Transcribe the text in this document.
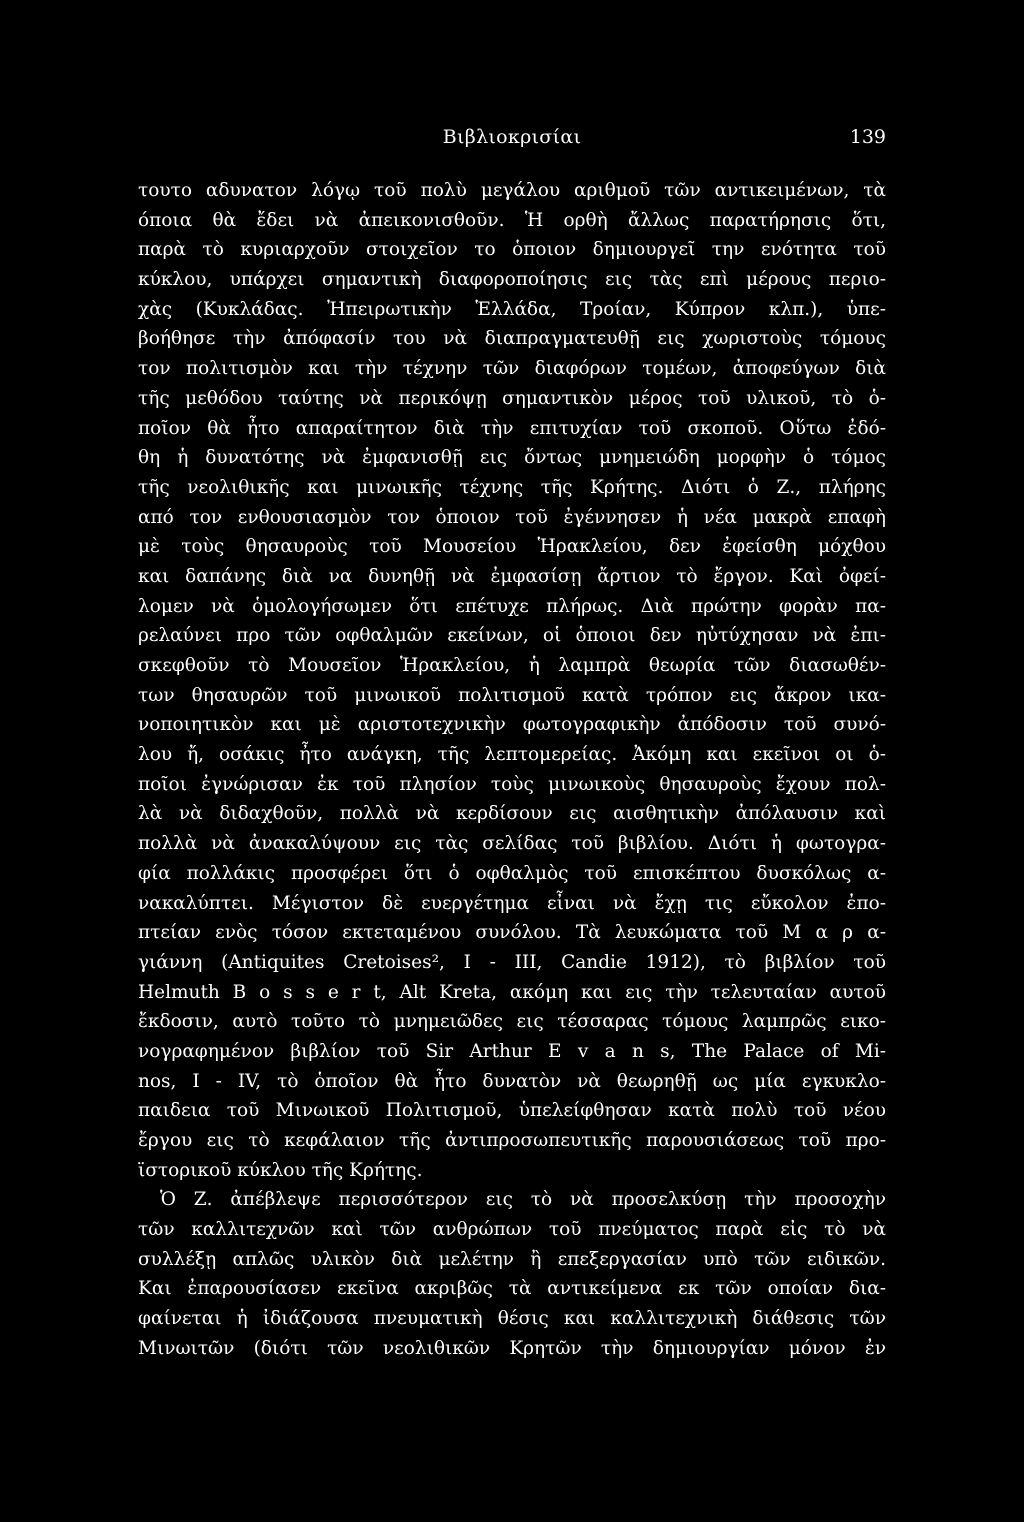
Βιβλιοκρισίαι	139
τουτο αδυνατον λόγῳ τοῦ πολὺ μεγάλου αριθμοῦ τῶν αντικειμένων, τὰ
όποια θὰ ἔδει νὰ ἀπεικονισθοῦν. Ἡ ορθὴ ἄλλως παρατήρησις ὅτι,
παρὰ τὸ κυριαρχοῦν στοιχεῖον το ὁποιον δημιουργεῖ την ενότητα τοῦ
κύκλου, υπάρχει σημαντικὴ διαφοροποίησις εις τὰς επὶ μέρους περιο-
χὰς (Κυκλάδας. Ἠπειρωτικὴν Ἑλλάδα, Τροίαν, Κύπρον κλπ.), ὑπε-
βοήθησε τὴν ἀπόφασίν του νὰ διαπραγματευθῇ εις χωριστοὺς τόμους
τον πολιτισμὸν και τὴν τέχνην τῶν διαφόρων τομέων, ἀποφεύγων διὰ
τῆς μεθόδου ταύτης νὰ περικόψῃ σημαντικὸν μέρος τοῦ υλικοῦ, τὸ ὁ-
ποῖον θὰ ἦτο απαραίτητον διὰ τὴν επιτυχίαν τοῦ σκοποῦ. Οὕτω ἐδό-
θη ἡ δυνατότης νὰ ἐμφανισθῇ εις ὄντως μνημειώδη μορφὴν ὁ τόμος
τῆς νεολιθικῆς και μινωικῆς τέχνης τῆς Κρήτης. Διότι ὁ Ζ., πλήρης
από τον ενθουσιασμὸν τον ὁποιον τοῦ ἐγέννησεν ἡ νέα μακρὰ επαφὴ
μὲ τοὺς θησαυροὺς τοῦ Μουσείου Ἡρακλείου, δεν ἐφείσθη μόχθου
και δαπάνης διὰ να δυνηθῇ νὰ ἐμφασίσῃ ἄρτιον τὸ ἔργον. Καὶ ὀφεί-
λομεν νὰ ὁμολογήσωμεν ὅτι επέτυχε πλήρως. Διὰ πρώτην φορὰν πα-
ρελαύνει προ τῶν οφθαλμῶν εκείνων, οἱ ὁποιοι δεν ηὐτύχησαν νὰ ἐπι-
σκεφθοῦν τὸ Μουσεῖον Ἡρακλείου, ἡ λαμπρὰ θεωρία τῶν διασωθέν-
των θησαυρῶν τοῦ μινωικοῦ πολιτισμοῦ κατὰ τρόπον εις ἄκρον ικα-
νοποιητικὸν και μὲ αριστοτεχνικὴν φωτογραφικὴν ἀπόδοσιν τοῦ συνό-
λου ἤ, οσάκις ἦτο ανάγκη, τῆς λεπτομερείας. Ἀκόμη και εκεῖνοι οι ὁ-
ποῖοι ἐγνώρισαν ἐκ τοῦ πλησίον τοὺς μινωικοὺς θησαυροὺς ἔχουν πολ-
λὰ νὰ διδαχθοῦν, πολλὰ νὰ κερδίσουν εις αισθητικὴν ἀπόλαυσιν καὶ
πολλὰ νὰ ἀνακαλύψουν εις τὰς σελίδας τοῦ βιβλίου. Διότι ἡ φωτογρα-
φία πολλάκις προσφέρει ὅτι ὁ οφθαλμὸς τοῦ επισκέπτου δυσκόλως α-
νακαλύπτει. Μέγιστον δὲ ευεργέτημα εἶναι νὰ ἔχῃ τις εὔκολον ἐπο-
πτείαν ενὸς τόσον εκτεταμένου συνόλου. Τὰ λευκώματα τοῦ Μ α ρ α-
γιάννη (Antiquites Cretoises², I - III, Candie 1912), τὸ βιβλίον τοῦ
Helmuth B o s s e r t, Alt Kreta, ακόμη και εις τὴν τελευταίαν αυτοῦ
ἔκδοσιν, αυτὸ τοῦτο τὸ μνημειῶδες εις τέσσαρας τόμους λαμπρῶς εικο-
νογραφημένον βιβλίον τοῦ Sir Arthur E v a n s, The Palace of Mi-
nos, I - IV, τὸ ὁποῖον θὰ ἦτο δυνατὸν νὰ θεωρηθῇ ως μία εγκυκλο-
παιδεια τοῦ Μινωικοῦ Πολιτισμοῦ, ὑπελείφθησαν κατὰ πολὺ τοῦ νέου
ἔργου εις τὸ κεφάλαιον τῆς ἀντιπροσωπευτικῆς παρουσιάσεως τοῦ προ-
ϊστορικοῦ κύκλου τῆς Κρήτης.
Ὁ Ζ. ἀπέβλεψε περισσότερον εις τὸ νὰ προσελκύσῃ τὴν προσοχὴν
τῶν καλλιτεχνῶν καὶ τῶν ανθρώπων τοῦ πνεύματος παρὰ εἰς τὸ νὰ
συλλέξῃ απλῶς υλικὸν διὰ μελέτην ἢ επεξεργασίαν υπὸ τῶν ειδικῶν.
Και ἐπαρουσίασεν εκεῖνα ακριβῶς τὰ αντικείμενα εκ τῶν οποίαν δια-
φαίνεται ἡ ἰδιάζουσα πνευματικὴ θέσις και καλλιτεχνικὴ διάθεσις τῶν
Μινωιτῶν (διότι τῶν νεολιθικῶν Κρητῶν τὴν δημιουργίαν μόνον ἐν
